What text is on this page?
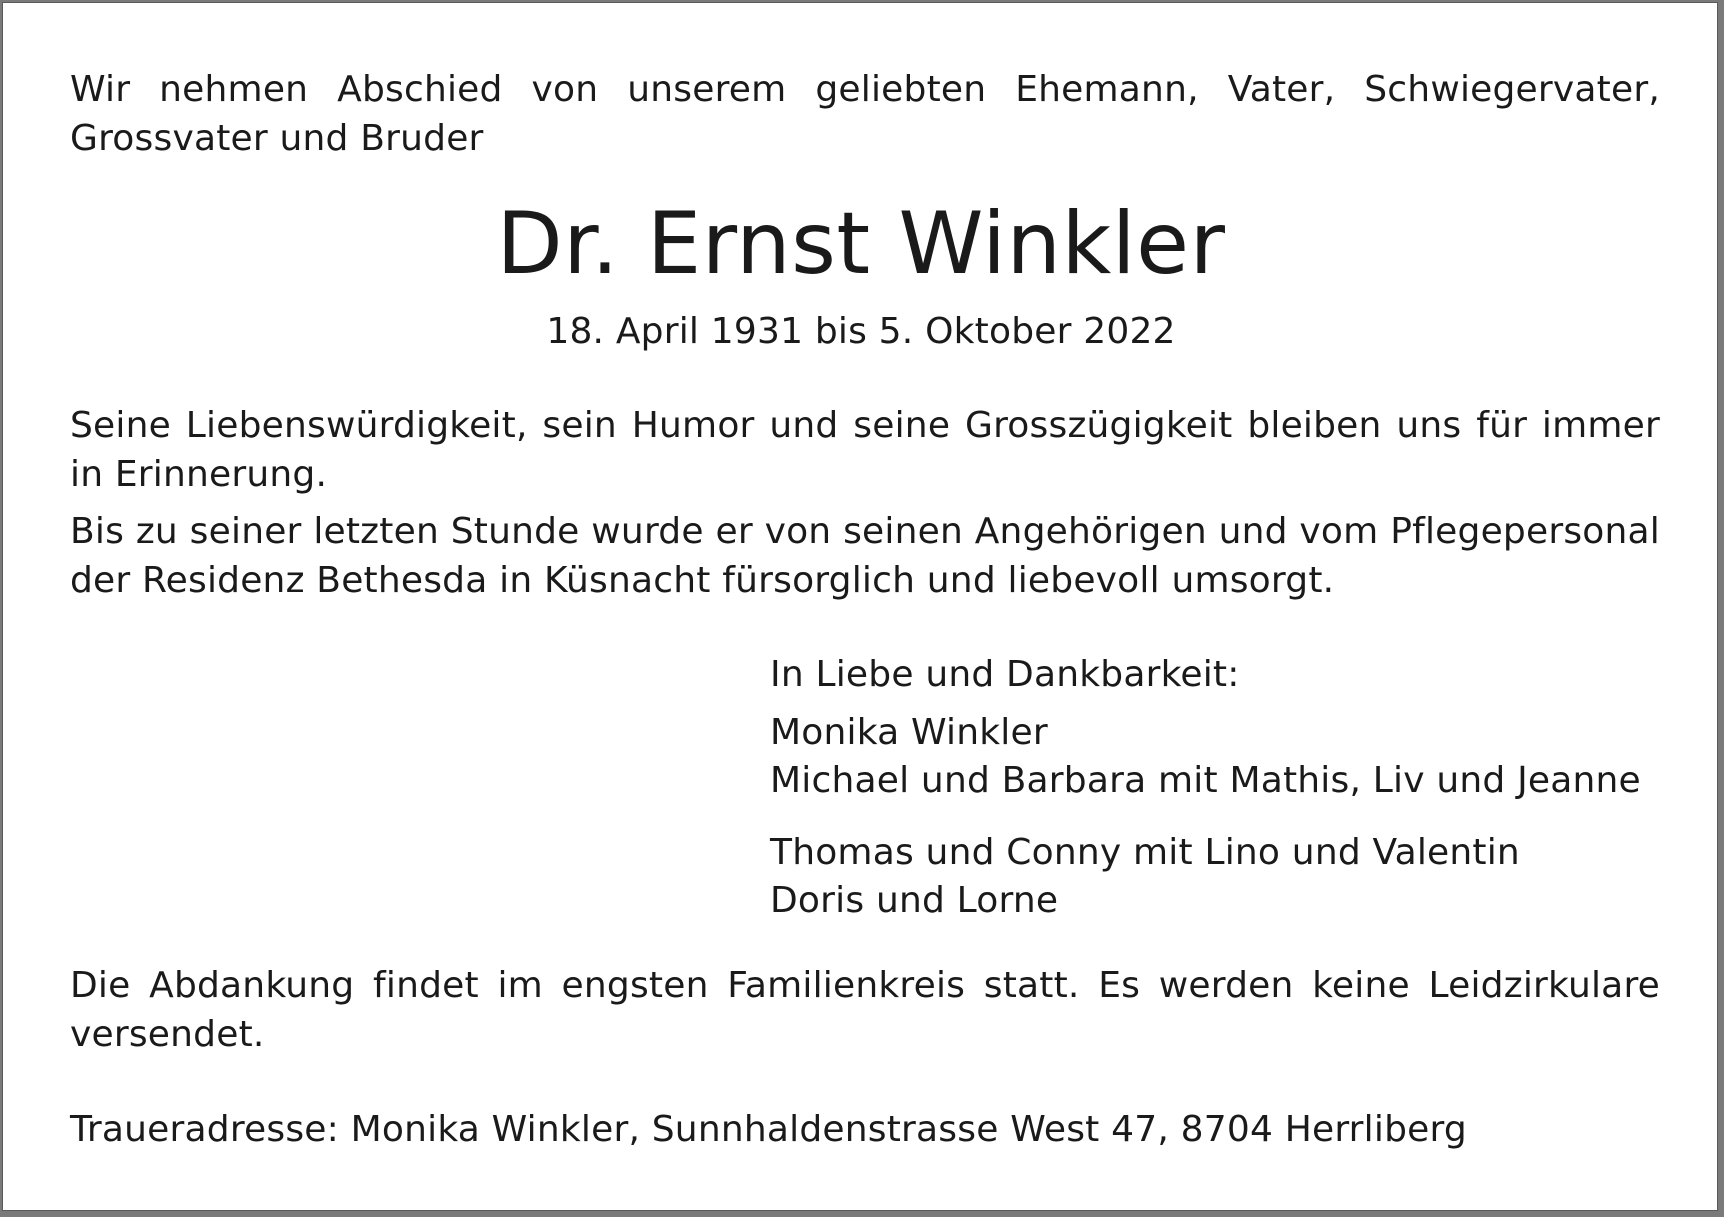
Wir nehmen Abschied von unserem geliebten Ehemann, Vater, Schwiegervater, Grossvater und Bruder
Dr. Ernst Winkler
18. April 1931 bis 5. Oktober 2022
Seine Liebenswürdigkeit, sein Humor und seine Grosszügigkeit bleiben uns für immer in Erinnerung.
Bis zu seiner letzten Stunde wurde er von seinen Angehörigen und vom Pflegepersonal der Residenz Bethesda in Küsnacht fürsorglich und liebevoll umsorgt.
In Liebe und Dankbarkeit:
Monika Winkler
Michael und Barbara mit Mathis, Liv und Jeanne
Thomas und Conny mit Lino und Valentin
Doris und Lorne
Die Abdankung findet im engsten Familienkreis statt. Es werden keine Leidzirkulare versendet.
Traueradresse: Monika Winkler, Sunnhaldenstrasse West 47, 8704 Herrliberg
